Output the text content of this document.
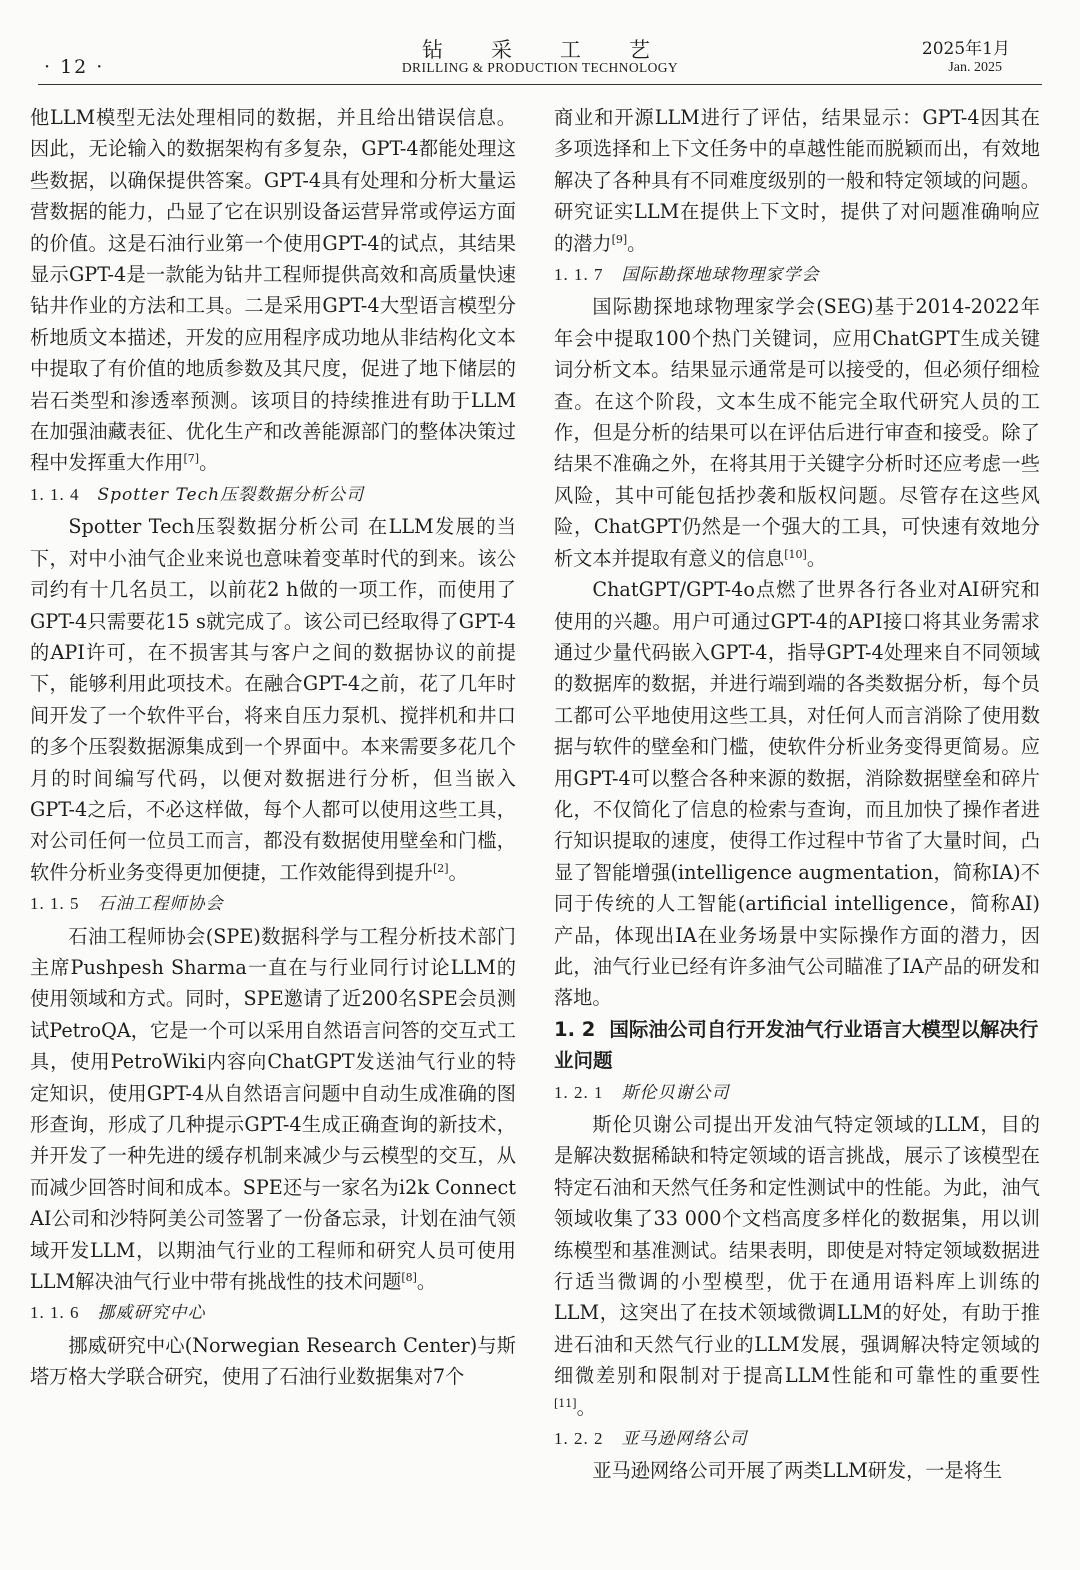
· 12 ·
钻采工艺
DRILLING & PRODUCTION TECHNOLOGY
2025年1月
Jan. 2025

他LLM模型无法处理相同的数据，并且给出错误信息。因此，无论输入的数据架构有多复杂，GPT-4都能处理这些数据，以确保提供答案。GPT-4具有处理和分析大量运营数据的能力，凸显了它在识别设备运营异常或停运方面的价值。这是石油行业第一个使用GPT-4的试点，其结果显示GPT-4是一款能为钻井工程师提供高效和高质量快速钻井作业的方法和工具。二是采用GPT-4大型语言模型分析地质文本描述，开发的应用程序成功地从非结构化文本中提取了有价值的地质参数及其尺度，促进了地下储层的岩石类型和渗透率预测。该项目的持续推进有助于LLM在加强油藏表征、优化生产和改善能源部门的整体决策过程中发挥重大作用[7]。

1. 1. 4 Spotter Tech压裂数据分析公司

Spotter Tech压裂数据分析公司 在LLM发展的当下，对中小油气企业来说也意味着变革时代的到来。该公司约有十几名员工，以前花2 h做的一项工作，而使用了GPT-4只需要花15 s就完成了。该公司已经取得了GPT-4的API许可，在不损害其与客户之间的数据协议的前提下，能够利用此项技术。在融合GPT-4之前，花了几年时间开发了一个软件平台，将来自压力泵机、搅拌机和井口的多个压裂数据源集成到一个界面中。本来需要多花几个月的时间编写代码，以便对数据进行分析，但当嵌入GPT-4之后，不必这样做，每个人都可以使用这些工具，对公司任何一位员工而言，都没有数据使用壁垒和门槛，软件分析业务变得更加便捷，工作效能得到提升[2]。

1. 1. 5 石油工程师协会

石油工程师协会(SPE)数据科学与工程分析技术部门主席Pushpesh Sharma一直在与行业同行讨论LLM的使用领域和方式。同时，SPE邀请了近200名SPE会员测试PetroQA，它是一个可以采用自然语言问答的交互式工具，使用PetroWiki内容向ChatGPT发送油气行业的特定知识，使用GPT-4从自然语言问题中自动生成准确的图形查询，形成了几种提示GPT-4生成正确查询的新技术，并开发了一种先进的缓存机制来减少与云模型的交互，从而减少回答时间和成本。SPE还与一家名为i2k Connect AI公司和沙特阿美公司签署了一份备忘录，计划在油气领域开发LLM，以期油气行业的工程师和研究人员可使用LLM解决油气行业中带有挑战性的技术问题[8]。

1. 1. 6 挪威研究中心

挪威研究中心(Norwegian Research Center)与斯塔万格大学联合研究，使用了石油行业数据集对7个

商业和开源LLM进行了评估，结果显示：GPT-4因其在多项选择和上下文任务中的卓越性能而脱颖而出，有效地解决了各种具有不同难度级别的一般和特定领域的问题。研究证实LLM在提供上下文时，提供了对问题准确响应的潜力[9]。

1. 1. 7 国际勘探地球物理家学会

国际勘探地球物理家学会(SEG)基于2014-2022年年会中提取100个热门关键词，应用ChatGPT生成关键词分析文本。结果显示通常是可以接受的，但必须仔细检查。在这个阶段，文本生成不能完全取代研究人员的工作，但是分析的结果可以在评估后进行审查和接受。除了结果不准确之外，在将其用于关键字分析时还应考虑一些风险，其中可能包括抄袭和版权问题。尽管存在这些风险，ChatGPT仍然是一个强大的工具，可快速有效地分析文本并提取有意义的信息[10]。

ChatGPT/GPT-4o点燃了世界各行各业对AI研究和使用的兴趣。用户可通过GPT-4的API接口将其业务需求通过少量代码嵌入GPT-4，指导GPT-4处理来自不同领域的数据库的数据，并进行端到端的各类数据分析，每个员工都可公平地使用这些工具，对任何人而言消除了使用数据与软件的壁垒和门槛，使软件分析业务变得更简易。应用GPT-4可以整合各种来源的数据，消除数据壁垒和碎片化，不仅简化了信息的检索与查询，而且加快了操作者进行知识提取的速度，使得工作过程中节省了大量时间，凸显了智能增强(intelligence augmentation，简称IA)不同于传统的人工智能(artificial intelligence，简称AI)产品，体现出IA在业务场景中实际操作方面的潜力，因此，油气行业已经有许多油气公司瞄准了IA产品的研发和落地。

1. 2 国际油公司自行开发油气行业语言大模型以解决行业问题
1. 2. 1 斯伦贝谢公司

斯伦贝谢公司提出开发油气特定领域的LLM，目的是解决数据稀缺和特定领域的语言挑战，展示了该模型在特定石油和天然气任务和定性测试中的性能。为此，油气领域收集了33 000个文档高度多样化的数据集，用以训练模型和基准测试。结果表明，即使是对特定领域数据进行适当微调的小型模型，优于在通用语料库上训练的LLM，这突出了在技术领域微调LLM的好处，有助于推进石油和天然气行业的LLM发展，强调解决特定领域的细微差别和限制对于提高LLM性能和可靠性的重要性[11]。

1. 2. 2 亚马逊网络公司

亚马逊网络公司开展了两类LLM研发，一是将生
